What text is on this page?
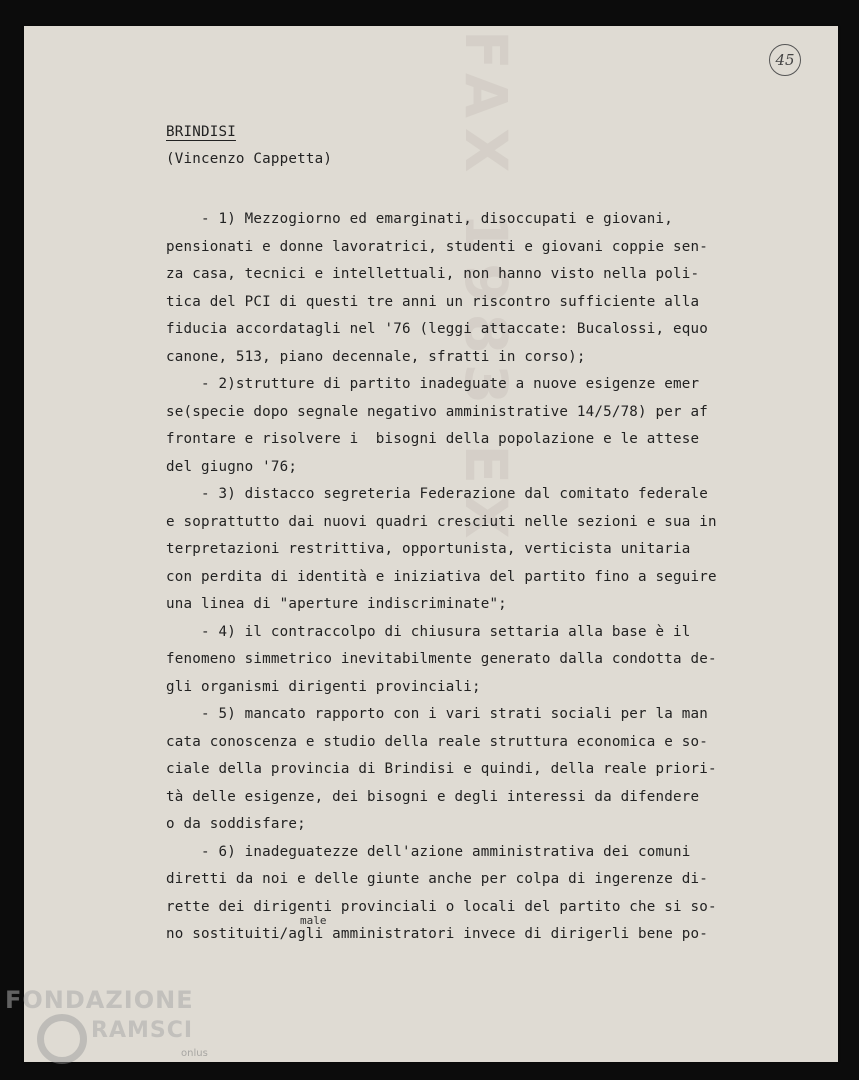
45
BRINDISI
(Vincenzo Cappetta)
- 1) Mezzogiorno ed emarginati, disoccupati e giovani,
pensionati e donne lavoratrici, studenti e giovani coppie sen-
za casa, tecnici e intellettuali, non hanno visto nella poli-
tica del PCI di questi tre anni un riscontro sufficiente alla
fiducia accordatagli nel '76 (leggi attaccate: Bucalossi, equo
canone, 513, piano decennale, sfratti in corso);
- 2)strutture di partito inadeguate a nuove esigenze emer
se(specie dopo segnale negativo amministrative 14/5/78) per af
frontare e risolvere i  bisogni della popolazione e le attese
del giugno '76;
- 3) distacco segreteria Federazione dal comitato federale
e soprattutto dai nuovi quadri cresciuti nelle sezioni e sua in
terpretazioni restrittiva, opportunista, verticista unitaria
con perdita di identità e iniziativa del partito fino a seguire
una linea di "aperture indiscriminate";
- 4) il contraccolpo di chiusura settaria alla base è il
fenomeno simmetrico inevitabilmente generato dalla condotta de-
gli organismi dirigenti provinciali;
- 5) mancato rapporto con i vari strati sociali per la man
cata conoscenza e studio della reale struttura economica e so-
ciale della provincia di Brindisi e quindi, della reale priori-
tà delle esigenze, dei bisogni e degli interessi da difendere
o da soddisfare;
- 6) inadeguatezze dell'azione amministrativa dei comuni
diretti da noi e delle giunte anche per colpa di ingerenze di-
rette dei dirigenti provinciali o locali del partito che si so-
no sostituiti/agli amministratori invece di dirigerli bene po-
male
FONDAZIONE
RAMSCI
onlus
